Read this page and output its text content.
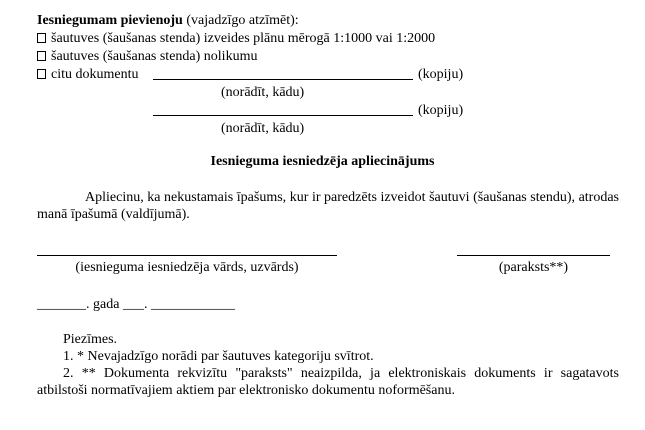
Iesniegumam pievienoju (vajadzīgo atzīmēt):
šautuves (šaušanas stenda) izveides plānu mērogā 1:1000 vai 1:2000
šautuves (šaušanas stenda) nolikumu
citu dokumentu	(kopiju)
(norādīt, kādu)
(kopiju)
(norādīt, kādu)
Iesnieguma iesniedzēja apliecinājums
Apliecinu, ka nekustamais īpašums, kur ir paredzēts izveidot šautuvi (šaušanas stendu), atrodas manā īpašumā (valdījumā).
(iesnieguma iesniedzēja vārds, uzvārds)	(paraksts**)
_______. gada ___. ____________
Piezīmes.
1. * Nevajadzīgo norādi par šautuves kategoriju svītrot.
2. ** Dokumenta rekvizītu "paraksts" neaizpilda, ja elektroniskais dokuments ir sagatavots atbilstoši normatīvajiem aktiem par elektronisko dokumentu noformēšanu.
